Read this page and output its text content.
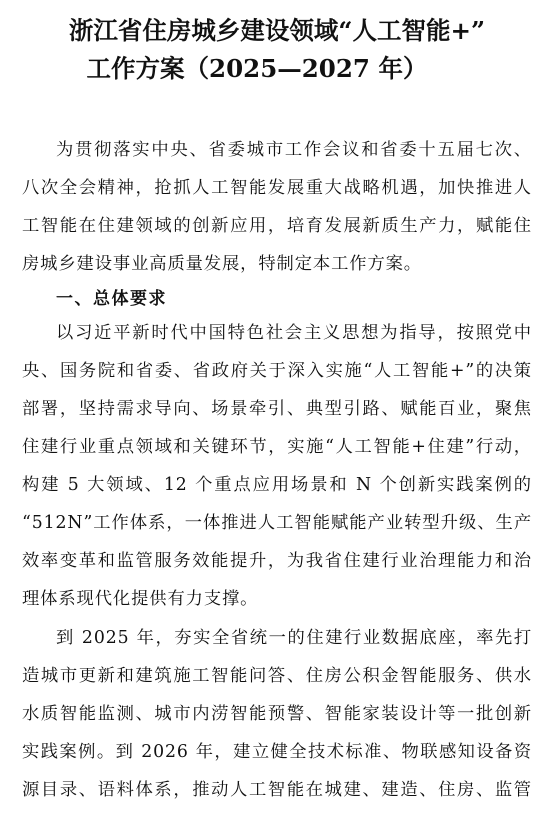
浙江省住房城乡建设领域“人工智能+”
工作方案（2025—2027 年）
为贯彻落实中央、省委城市工作会议和省委十五届七次、
八次全会精神，抢抓人工智能发展重大战略机遇，加快推进人
工智能在住建领域的创新应用，培育发展新质生产力，赋能住
房城乡建设事业高质量发展，特制定本工作方案。
一、总体要求
以习近平新时代中国特色社会主义思想为指导，按照党中
央、国务院和省委、省政府关于深入实施“人工智能+”的决策
部署，坚持需求导向、场景牵引、典型引路、赋能百业，聚焦
住建行业重点领域和关键环节，实施“人工智能+住建”行动，
构建 5 大领域、12 个重点应用场景和 N 个创新实践案例的
“512N”工作体系，一体推进人工智能赋能产业转型升级、生产
效率变革和监管服务效能提升，为我省住建行业治理能力和治
理体系现代化提供有力支撑。
到 2025 年，夯实全省统一的住建行业数据底座，率先打
造城市更新和建筑施工智能问答、住房公积金智能服务、供水
水质智能监测、城市内涝智能预警、智能家装设计等一批创新
实践案例。到 2026 年，建立健全技术标准、物联感知设备资
源目录、语料体系，推动人工智能在城建、建造、住房、监管
